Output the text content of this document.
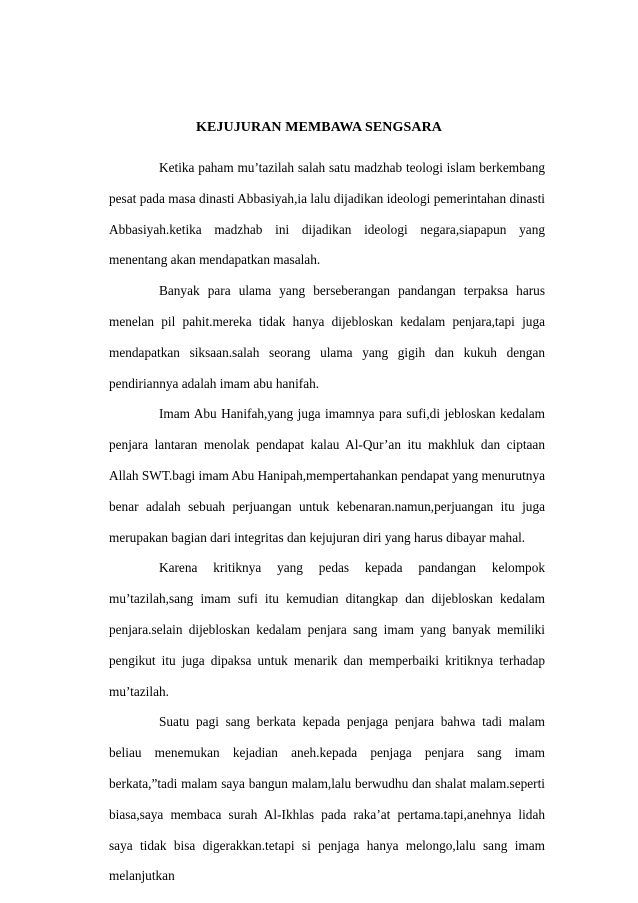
KEJUJURAN MEMBAWA SENGSARA

Ketika paham mu’tazilah salah satu madzhab teologi islam berkembang pesat pada masa dinasti Abbasiyah,ia lalu dijadikan ideologi pemerintahan dinasti Abbasiyah.ketika madzhab ini dijadikan ideologi negara,siapapun yang menentang akan mendapatkan masalah.

Banyak para ulama yang berseberangan pandangan terpaksa harus menelan pil pahit.mereka tidak hanya dijebloskan kedalam penjara,tapi juga mendapatkan siksaan.salah seorang ulama yang gigih dan kukuh dengan pendiriannya adalah imam abu hanifah.

Imam Abu Hanifah,yang juga imamnya para sufi,di jebloskan kedalam penjara lantaran menolak pendapat kalau Al-Qur’an itu makhluk dan ciptaan Allah SWT.bagi imam Abu Hanipah,mempertahankan pendapat yang menurutnya benar adalah sebuah perjuangan untuk kebenaran.namun,perjuangan itu juga merupakan bagian dari integritas dan kejujuran diri yang harus dibayar mahal.

Karena kritiknya yang pedas kepada pandangan kelompok mu’tazilah,sang imam sufi itu kemudian ditangkap dan dijebloskan kedalam penjara.selain dijebloskan kedalam penjara sang imam yang banyak memiliki pengikut itu juga dipaksa untuk menarik dan memperbaiki kritiknya terhadap mu’tazilah.

Suatu pagi sang berkata kepada penjaga penjara bahwa tadi malam beliau menemukan kejadian aneh.kepada penjaga penjara sang imam berkata,”tadi malam saya bangun malam,lalu berwudhu dan shalat malam.seperti biasa,saya membaca surah Al-Ikhlas pada raka’at pertama.tapi,anehnya lidah saya tidak bisa digerakkan.tetapi si penjaga hanya melongo,lalu sang imam melanjutkan
